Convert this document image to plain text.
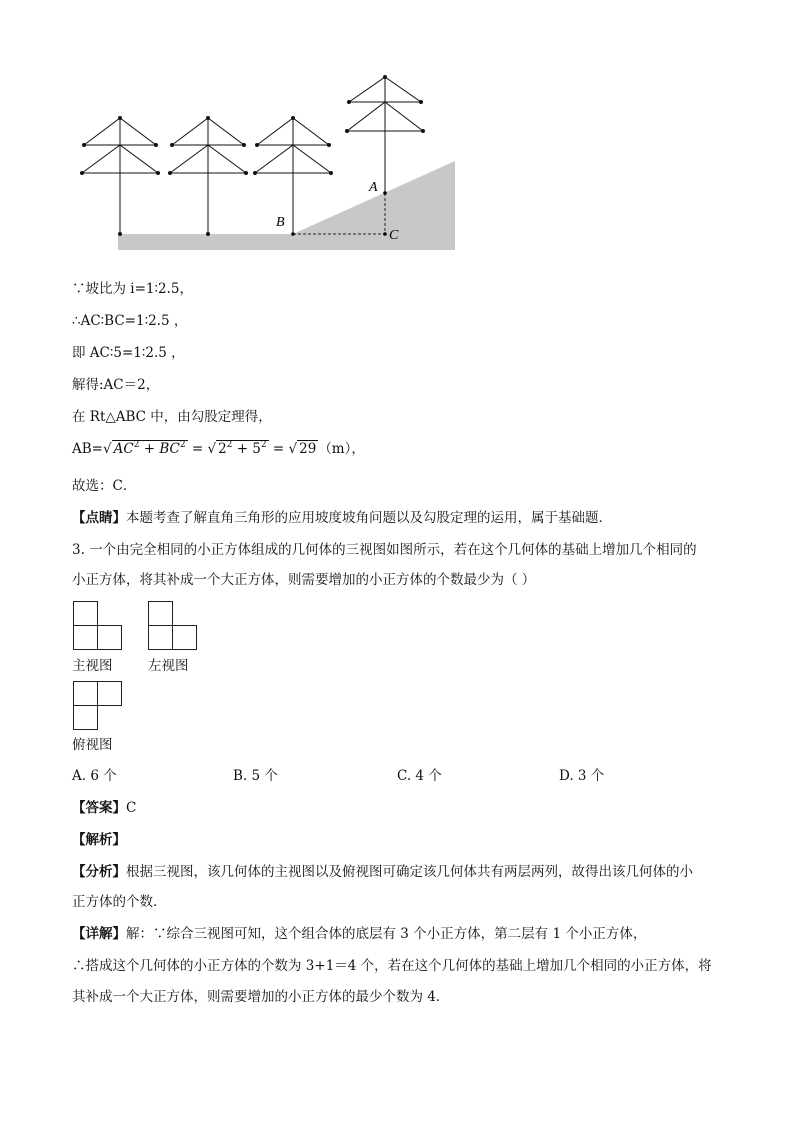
A
B
C
∵坡比为 i=1∶2.5，
∴AC∶BC=1∶2.5 ，
即 AC∶5=1∶2.5 ，
解得:AC＝2，
在 Rt△ABC 中，由勾股定理得，
AB=√ $AC^2 + BC^2$ = √ $2^2 + 5^2$ = √ 29 （m），
故选：C．
【点睛】本题考查了解直角三角形的应用坡度坡角问题以及勾股定理的运用，属于基础题．
3. 一个由完全相同的小正方体组成的几何体的三视图如图所示，若在这个几何体的基础上增加几个相同的
小正方体，将其补成一个大正方体，则需要增加的小正方体的个数最少为（ ）
主视图	左视图
俯视图
A. 6 个	B. 5 个	C. 4 个	D. 3 个
【答案】C
【解析】
【分析】根据三视图，该几何体的主视图以及俯视图可确定该几何体共有两层两列，故得出该几何体的小
正方体的个数．
【详解】解：∵综合三视图可知，这个组合体的底层有 3 个小正方体，第二层有 1 个小正方体，
∴搭成这个几何体的小正方体的个数为 3+1＝4 个，若在这个几何体的基础上增加几个相同的小正方体，将
其补成一个大正方体，则需要增加的小正方体的最少个数为 4．
